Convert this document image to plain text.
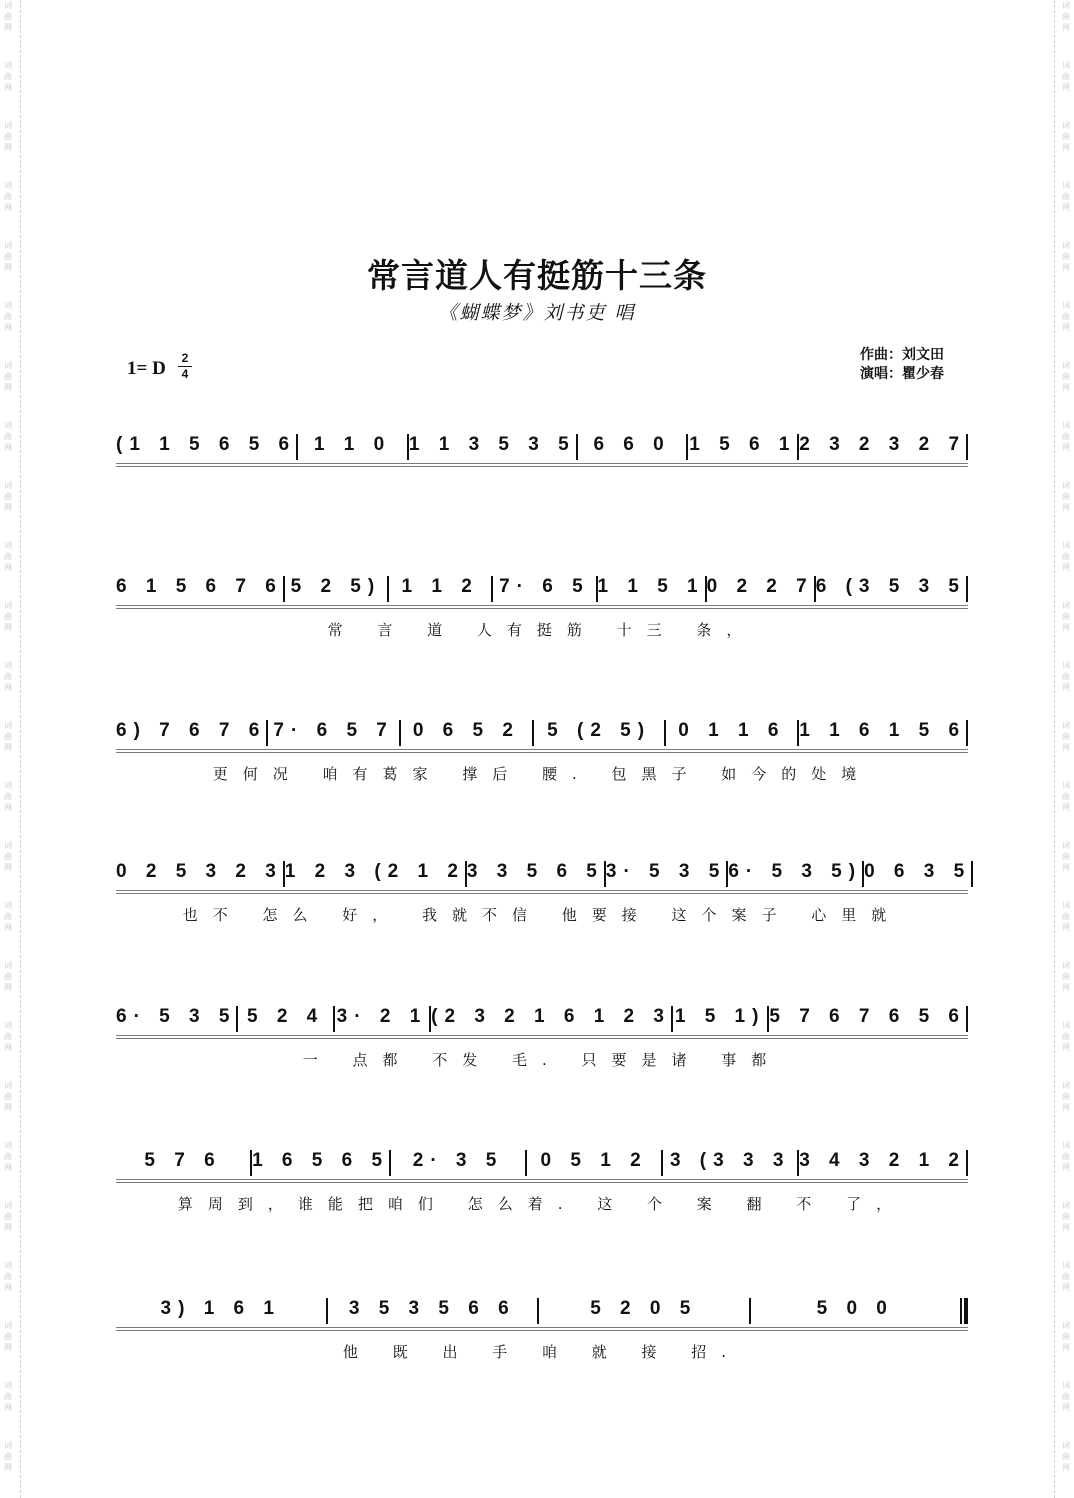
词
曲
网
词
曲
网
词
曲
网
词
曲
网
词
曲
网
词
曲
网
词
曲
网
词
曲
网
词
曲
网
词
曲
网
词
曲
网
词
曲
网
词
曲
网
词
曲
网
词
曲
网
词
曲
网
词
曲
网
词
曲
网
词
曲
网
词
曲
网
词
曲
网
词
曲
网
词
曲
网
词
曲
网
词
曲
网
词
曲
网
词
曲
网
词
曲
网
词
曲
网
词
曲
网
词
曲
网
词
曲
网
词
曲
网
词
曲
网
词
曲
网
词
曲
网
词
曲
网
词
曲
网
词
曲
网
词
曲
网
词
曲
网
词
曲
网
词
曲
网
词
曲
网
词
曲
网
词
曲
网
词
曲
网
词
曲
网
词
曲
网
词
曲
网
常言道人有挺筋十三条
《蝴蝶梦》刘书吏 唱
1= D	2
4
作曲：刘文田
演唱：瞿少春
(1 1 5 6 5 6 1 1 0 1 1 3 5 3 5 6 6 0 1 5 6 1 2 3 2 3 2 7
6 1 5 6 7 6 5 2 5)	1 1 2	7· 6 5 1 1 5 1 0 2 2 7 6 (3 5 3 5
常 言 道 人有挺筋 十三 条，
6) 7 6 7 6 7· 6 5 7 0 6 5 2	5 (2 5)	0 1 1 6 1 1 6 1 5 6
更何况 咱有葛家 撑后 腰. 包黑子 如今的处境
0 2 5 3 2 3 1 2 3 (2 1 2 3 3 5 6 5 3· 5 3 5 6· 5 3 5) 0 6 3 5
也不 怎么 好， 我就不信 他要接 这个案子 心里就
6· 5 3 5 5 2 4 3· 2 1 (2 3 2 1 6 1 2 3 1 5 1) 5 7 6 7 6 5 6
一 点都 不发 毛. 只要是诸 事都
5 7 6	1 6 5 6 5	2· 3 5	0 5 1 2	3 (3 3 3 3 4 3 2 1 2
算周到，谁能把咱们 怎么着. 这 个 案 翻 不 了，
3) 1 6 1	3 5 3 5 6 6	5 2 0 5	5 0 0
他 既 出 手 咱 就 接 招.
